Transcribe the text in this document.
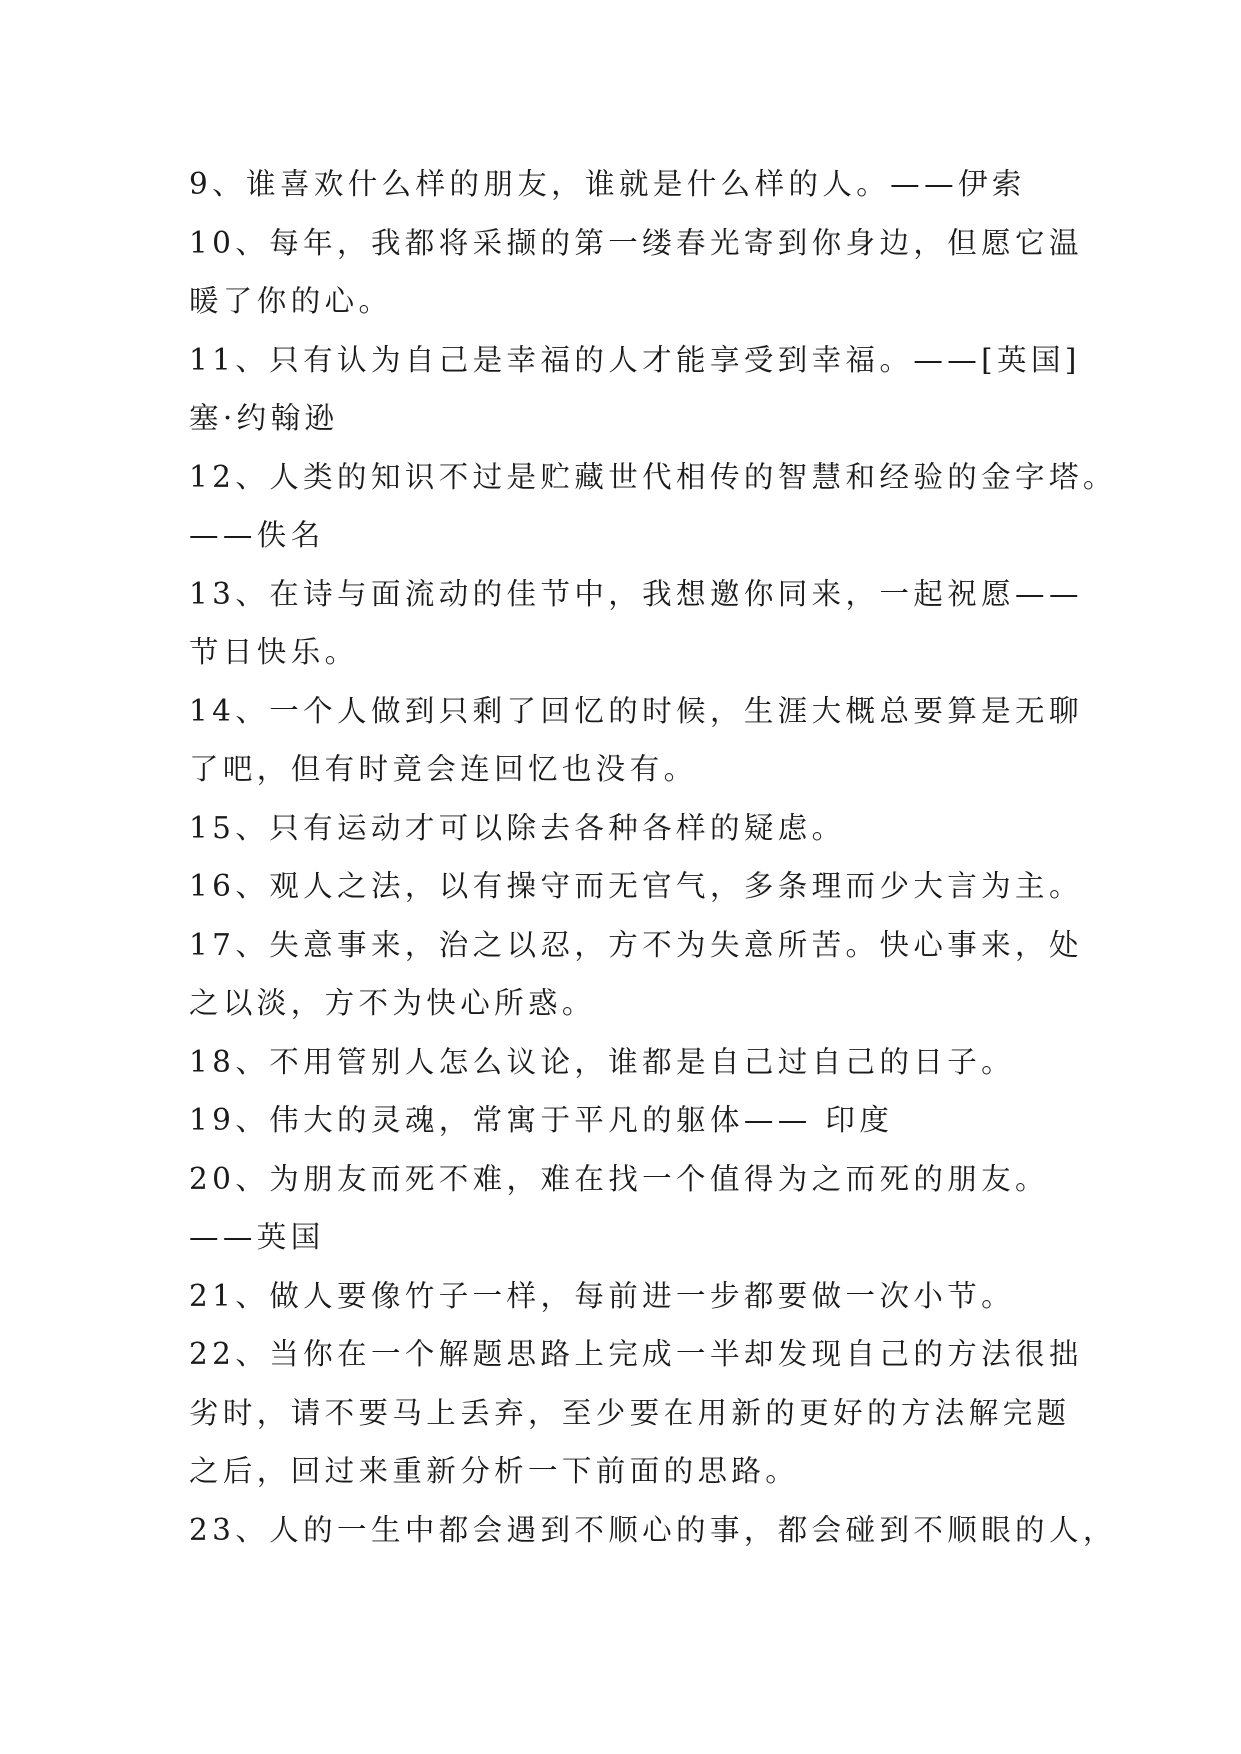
9、谁喜欢什么样的朋友，谁就是什么样的人。——伊索
10、每年，我都将采撷的第一缕春光寄到你身边，但愿它温
暖了你的心。
11、只有认为自己是幸福的人才能享受到幸福。——[英国]
塞·约翰逊
12、人类的知识不过是贮藏世代相传的智慧和经验的金字塔。
——佚名
13、在诗与面流动的佳节中，我想邀你同来，一起祝愿——
节日快乐。
14、一个人做到只剩了回忆的时候，生涯大概总要算是无聊
了吧，但有时竟会连回忆也没有。
15、只有运动才可以除去各种各样的疑虑。
16、观人之法，以有操守而无官气，多条理而少大言为主。
17、失意事来，治之以忍，方不为失意所苦。快心事来，处
之以淡，方不为快心所惑。
18、不用管别人怎么议论，谁都是自己过自己的日子。
19、伟大的灵魂，常寓于平凡的躯体—— 印度
20、为朋友而死不难，难在找一个值得为之而死的朋友。
——英国
21、做人要像竹子一样，每前进一步都要做一次小节。
22、当你在一个解题思路上完成一半却发现自己的方法很拙
劣时，请不要马上丢弃，至少要在用新的更好的方法解完题
之后，回过来重新分析一下前面的思路。
23、人的一生中都会遇到不顺心的事，都会碰到不顺眼的人，
